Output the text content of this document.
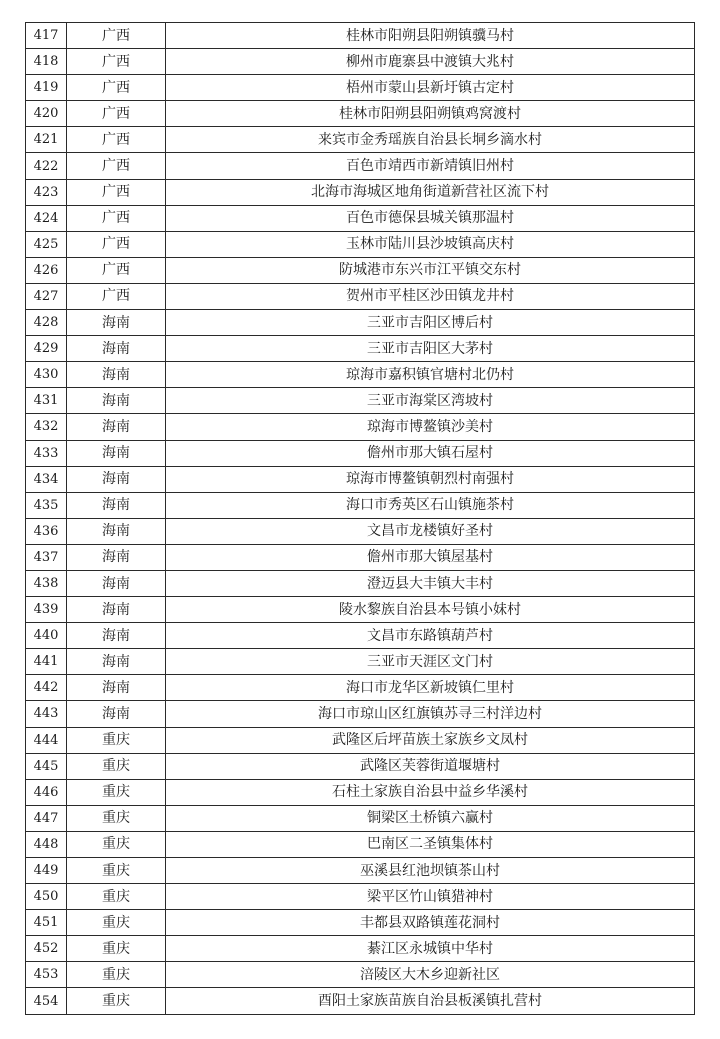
417	广西	桂林市阳朔县阳朔镇骥马村
418	广西	柳州市鹿寨县中渡镇大兆村
419	广西	梧州市蒙山县新圩镇古定村
420	广西	桂林市阳朔县阳朔镇鸡窝渡村
421	广西	来宾市金秀瑶族自治县长垌乡滴水村
422	广西	百色市靖西市新靖镇旧州村
423	广西	北海市海城区地角街道新营社区流下村
424	广西	百色市德保县城关镇那温村
425	广西	玉林市陆川县沙坡镇高庆村
426	广西	防城港市东兴市江平镇交东村
427	广西	贺州市平桂区沙田镇龙井村
428	海南	三亚市吉阳区博后村
429	海南	三亚市吉阳区大茅村
430	海南	琼海市嘉积镇官塘村北仍村
431	海南	三亚市海棠区湾坡村
432	海南	琼海市博鳌镇沙美村
433	海南	儋州市那大镇石屋村
434	海南	琼海市博鳌镇朝烈村南强村
435	海南	海口市秀英区石山镇施茶村
436	海南	文昌市龙楼镇好圣村
437	海南	儋州市那大镇屋基村
438	海南	澄迈县大丰镇大丰村
439	海南	陵水黎族自治县本号镇小妹村
440	海南	文昌市东路镇葫芦村
441	海南	三亚市天涯区文门村
442	海南	海口市龙华区新坡镇仁里村
443	海南	海口市琼山区红旗镇苏寻三村洋边村
444	重庆	武隆区后坪苗族土家族乡文凤村
445	重庆	武隆区芙蓉街道堰塘村
446	重庆	石柱土家族自治县中益乡华溪村
447	重庆	铜梁区土桥镇六赢村
448	重庆	巴南区二圣镇集体村
449	重庆	巫溪县红池坝镇茶山村
450	重庆	梁平区竹山镇猎神村
451	重庆	丰都县双路镇莲花洞村
452	重庆	綦江区永城镇中华村
453	重庆	涪陵区大木乡迎新社区
454	重庆	酉阳土家族苗族自治县板溪镇扎营村
